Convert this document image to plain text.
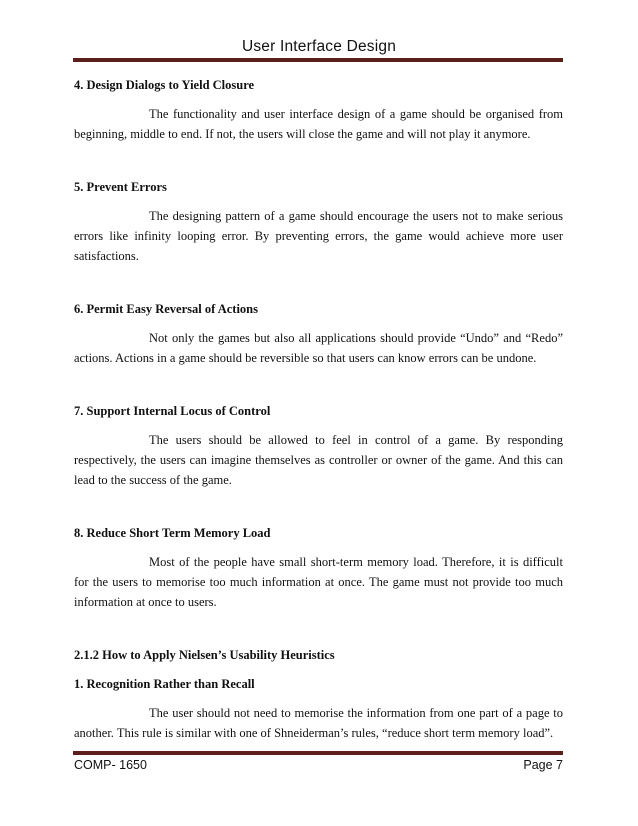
User Interface Design

4. Design Dialogs to Yield Closure

The functionality and user interface design of a game should be organised from beginning, middle to end. If not, the users will close the game and will not play it anymore.

5. Prevent Errors

The designing pattern of a game should encourage the users not to make serious errors like infinity looping error. By preventing errors, the game would achieve more user satisfactions.

6. Permit Easy Reversal of Actions

Not only the games but also all applications should provide “Undo” and “Redo” actions. Actions in a game should be reversible so that users can know errors can be undone.

7. Support Internal Locus of Control

The users should be allowed to feel in control of a game. By responding respectively, the users can imagine themselves as controller or owner of the game. And this can lead to the success of the game.

8. Reduce Short Term Memory Load

Most of the people have small short-term memory load. Therefore, it is difficult for the users to memorise too much information at once. The game must not provide too much information at once to users.

2.1.2 How to Apply Nielsen’s Usability Heuristics

1. Recognition Rather than Recall

The user should not need to memorise the information from one part of a page to another. This rule is similar with one of Shneiderman’s rules, “reduce short term memory load”.

COMP- 1650	Page 7
